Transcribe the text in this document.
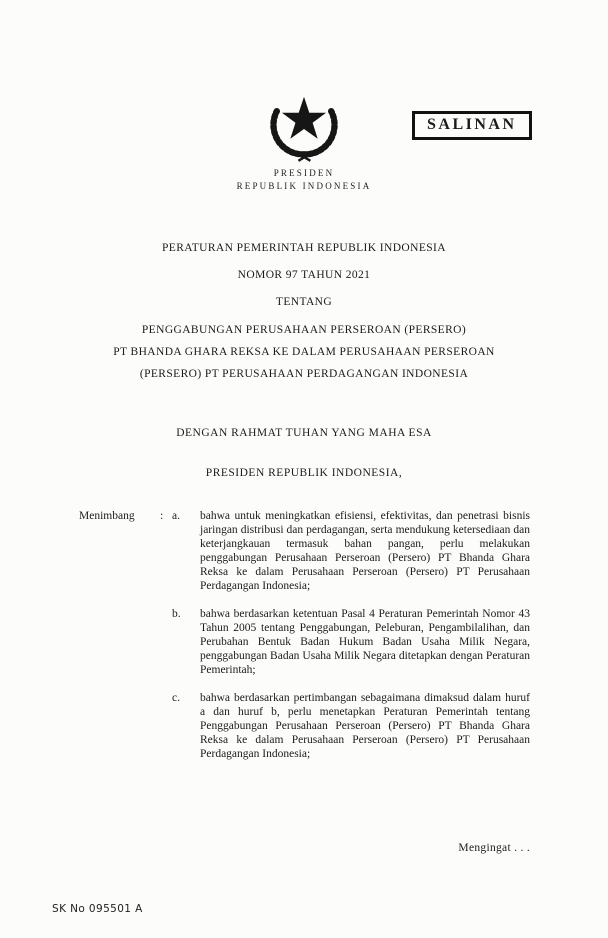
SALINAN
PRESIDEN
REPUBLIK INDONESIA
PERATURAN PEMERINTAH REPUBLIK INDONESIA
NOMOR 97 TAHUN 2021
TENTANG
PENGGABUNGAN PERUSAHAAN PERSEROAN (PERSERO)
PT BHANDA GHARA REKSA KE DALAM PERUSAHAAN PERSEROAN
(PERSERO) PT PERUSAHAAN PERDAGANGAN INDONESIA
DENGAN RAHMAT TUHAN YANG MAHA ESA
PRESIDEN REPUBLIK INDONESIA,
Menimbang	: a.	bahwa untuk meningkatkan efisiensi, efektivitas, dan penetrasi bisnis jaringan distribusi dan perdagangan, serta mendukung ketersediaan dan keterjangkauan termasuk bahan pangan, perlu melakukan penggabungan Perusahaan Perseroan (Persero) PT Bhanda Ghara Reksa ke dalam Perusahaan Perseroan (Persero) PT Perusahaan Perdagangan Indonesia;
b.	bahwa berdasarkan ketentuan Pasal 4 Peraturan Pemerintah Nomor 43 Tahun 2005 tentang Penggabungan, Peleburan, Pengambilalihan, dan Perubahan Bentuk Badan Hukum Badan Usaha Milik Negara, penggabungan Badan Usaha Milik Negara ditetapkan dengan Peraturan Pemerintah;
c.	bahwa berdasarkan pertimbangan sebagaimana dimaksud dalam huruf a dan huruf b, perlu menetapkan Peraturan Pemerintah tentang Penggabungan Perusahaan Perseroan (Persero) PT Bhanda Ghara Reksa ke dalam Perusahaan Perseroan (Persero) PT Perusahaan Perdagangan Indonesia;
Mengingat . . .
SK No 095501 A
